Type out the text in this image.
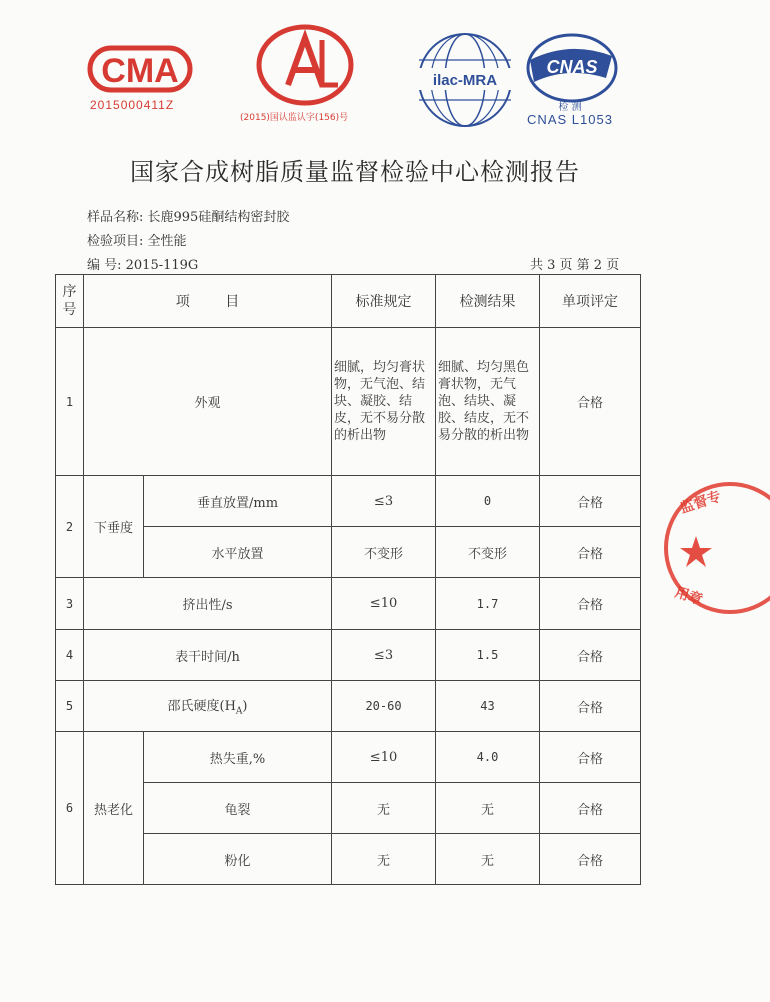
CMA
2015000411Z
(2015)国认监认字(156)号
ilac-MRA
CNAS
检 测
CNAS L1053
国家合成树脂质量监督检验中心检测报告
样品名称: 长鹿995硅酮结构密封胶
检验项目: 全性能
编 号: 2015-119G	共 3 页 第 2 页
序号	项        目		标准规定	检测结果	单项评定
1	外观		细腻，均匀膏状物，无气泡、结块、凝胶、结皮，无不易分散的析出物	细腻、均匀黑色膏状物，无气泡、结块、凝胶、结皮，无不易分散的析出物	合格
2	下垂度	垂直放置/mm	≤3	0	合格
		水平放置	不变形	不变形	合格
3	挤出性/s		≤10	1.7	合格
4	表干时间/h		≤3	1.5	合格
5	邵氏硬度$(H_A)$		20-60	43	合格
6	热老化	热失重,%	≤10	4.0	合格
		龟裂	无	无	合格
		粉化	无	无	合格
监督专
用章
